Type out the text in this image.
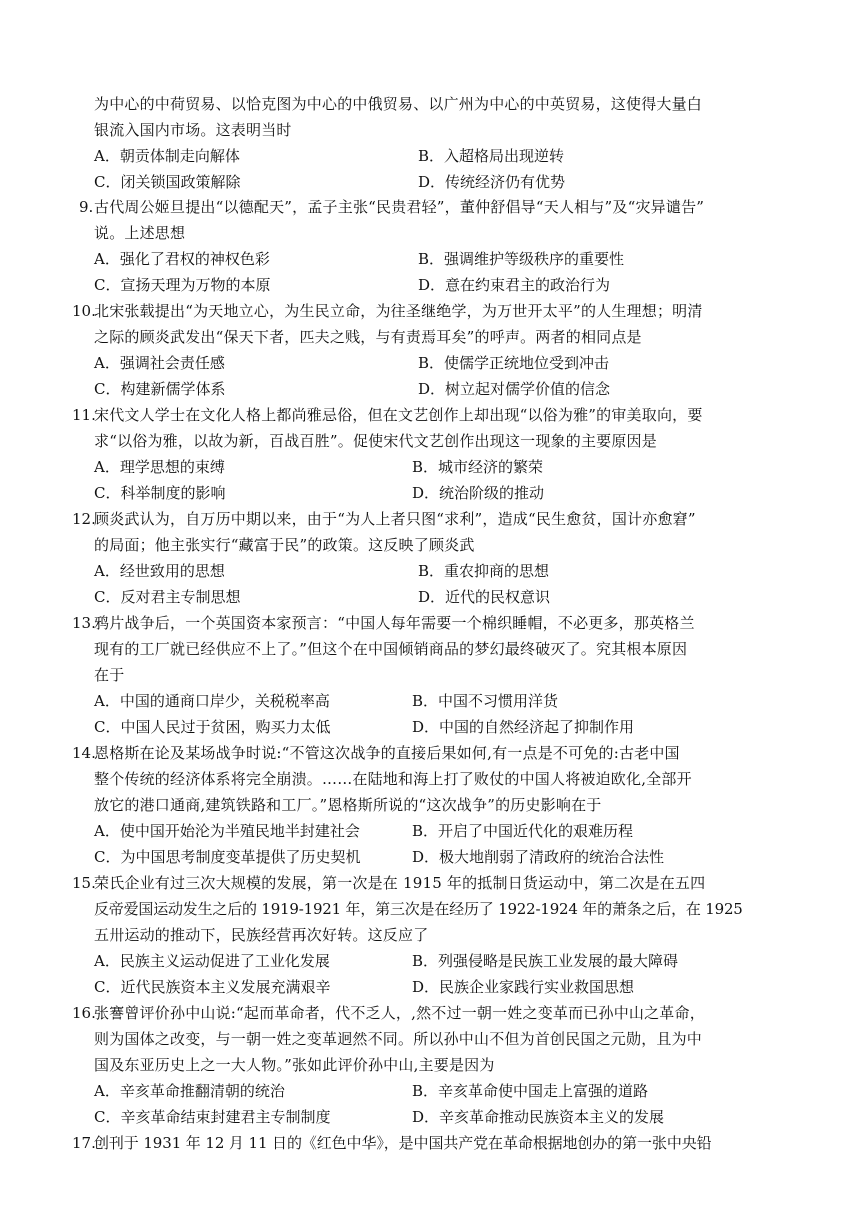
为中心的中荷贸易、以恰克图为中心的中俄贸易、以广州为中心的中英贸易，这使得大量白
银流入国内市场。这表明当时
A．朝贡体制走向解体	B．入超格局出现逆转
C．闭关锁国政策解除	D．传统经济仍有优势
9. 古代周公姬旦提出“以德配天”，孟子主张“民贵君轻”，董仲舒倡导“天人相与”及“灾异谴告”
说。上述思想
A．强化了君权的神权色彩	B．强调维护等级秩序的重要性
C．宣扬天理为万物的本原	D．意在约束君主的政治行为
10.
北宋张载提出“为天地立心，为生民立命，为往圣继绝学，为万世开太平”的人生理想；明清
之际的顾炎武发出“保天下者，匹夫之贱，与有责焉耳矣”的呼声。两者的相同点是
A．强调社会责任感	B．使儒学正统地位受到冲击
C．构建新儒学体系	D．树立起对儒学价值的信念
11.
宋代文人学士在文化人格上都尚雅忌俗，但在文艺创作上却出现“以俗为雅”的审美取向，要
求“以俗为雅，以故为新，百战百胜”。促使宋代文艺创作出现这一现象的主要原因是
A．理学思想的束缚	B．城市经济的繁荣
C．科举制度的影响	D．统治阶级的推动
12.
顾炎武认为，自万历中期以来，由于“为人上者只图“求利”，造成“民生愈贫，国计亦愈窘”
的局面；他主张实行“藏富于民”的政策。这反映了顾炎武
A．经世致用的思想	B．重农抑商的思想
C．反对君主专制思想	D．近代的民权意识
13.
鸦片战争后，一个英国资本家预言：“中国人每年需要一个棉织睡帽，不必更多，那英格兰
现有的工厂就已经供应不上了。”但这个在中国倾销商品的梦幻最终破灭了。究其根本原因
在于
A．中国的通商口岸少，关税税率高	B．中国不习惯用洋货
C．中国人民过于贫困，购买力太低	D．中国的自然经济起了抑制作用
14.
恩格斯在论及某场战争时说:“不管这次战争的直接后果如何,有一点是不可免的:古老中国
整个传统的经济体系将完全崩溃。……在陆地和海上打了败仗的中国人将被迫欧化,全部开
放它的港口通商,建筑铁路和工厂。”恩格斯所说的“这次战争”的历史影响在于
A．使中国开始沦为半殖民地半封建社会	B．开启了中国近代化的艰难历程
C．为中国思考制度变革提供了历史契机	D．极大地削弱了清政府的统治合法性
15.
荣氏企业有过三次大规模的发展，第一次是在 1915 年的抵制日货运动中，第二次是在五四
反帝爱国运动发生之后的 1919-1921 年，第三次是在经历了 1922-1924 年的萧条之后，在 1925
五卅运动的推动下，民族经营再次好转。这反应了
A．民族主义运动促进了工业化发展	B．列强侵略是民族工业发展的最大障碍
C．近代民族资本主义发展充满艰辛	D．民族企业家践行实业救国思想
16.
张謇曾评价孙中山说:“起而革命者，代不乏人，,然不过一朝一姓之变革而已孙中山之革命，
则为国体之改变，与一朝一姓之变革迥然不同。所以孙中山不但为首创民国之元勋，且为中
国及东亚历史上之一大人物。”张如此评价孙中山,主要是因为
A．辛亥革命推翻清朝的统治	B．辛亥革命使中国走上富强的道路
C．辛亥革命结束封建君主专制制度	D．辛亥革命推动民族资本主义的发展
17.
创刊于 1931 年 12 月 11 日的《红色中华》，是中国共产党在革命根据地创办的第一张中央铅
